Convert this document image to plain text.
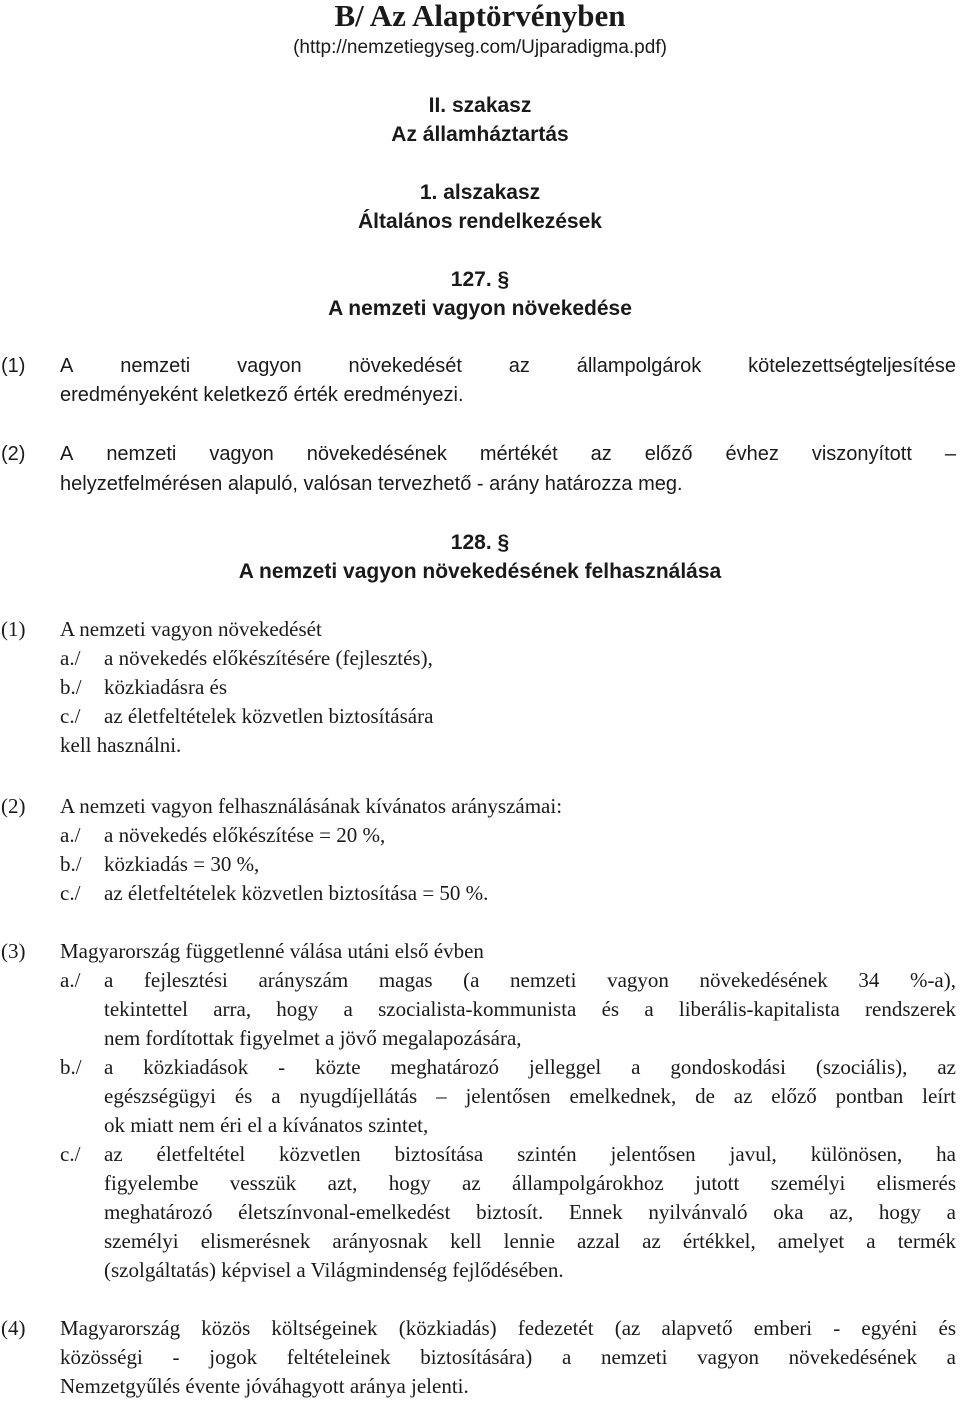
B/ Az Alaptörvényben
(http://nemzetiegyseg.com/Ujparadigma.pdf)
II. szakasz
Az államháztartás
1. alszakasz
Általános rendelkezések
127. §
A nemzeti vagyon növekedése
(1) A nemzeti vagyon növekedését az állampolgárok kötelezettségteljesítése
eredményeként keletkező érték eredményezi.
(2) A nemzeti vagyon növekedésének mértékét az előző évhez viszonyított –
helyzetfelmérésen alapuló, valósan tervezhető - arány határozza meg.
128. §
A nemzeti vagyon növekedésének felhasználása
(1) A nemzeti vagyon növekedését
a./ a növekedés előkészítésére (fejlesztés),
b./ közkiadásra és
c./ az életfeltételek közvetlen biztosítására
kell használni.
(2) A nemzeti vagyon felhasználásának kívánatos arányszámai:
a./ a növekedés előkészítése = 20 %,
b./ közkiadás = 30 %,
c./ az életfeltételek közvetlen biztosítása = 50 %.
(3) Magyarország függetlenné válása utáni első évben
a./ a fejlesztési arányszám magas (a nemzeti vagyon növekedésének 34 %-a),
tekintettel arra, hogy a szocialista-kommunista és a liberális-kapitalista rendszerek
nem fordítottak figyelmet a jövő megalapozására,
b./ a közkiadások - közte meghatározó jelleggel a gondoskodási (szociális), az
egészségügyi és a nyugdíjellátás – jelentősen emelkednek, de az előző pontban leírt
ok miatt nem éri el a kívánatos szintet,
c./ az életfeltétel közvetlen biztosítása szintén jelentősen javul, különösen, ha
figyelembe vesszük azt, hogy az állampolgárokhoz jutott személyi elismerés
meghatározó életszínvonal-emelkedést biztosít. Ennek nyilvánvaló oka az, hogy a
személyi elismerésnek arányosnak kell lennie azzal az értékkel, amelyet a termék
(szolgáltatás) képvisel a Világmindenség fejlődésében.
(4) Magyarország közös költségeinek (közkiadás) fedezetét (az alapvető emberi - egyéni és
közösségi - jogok feltételeinek biztosítására) a nemzeti vagyon növekedésének a
Nemzetgyűlés évente jóváhagyott aránya jelenti.
